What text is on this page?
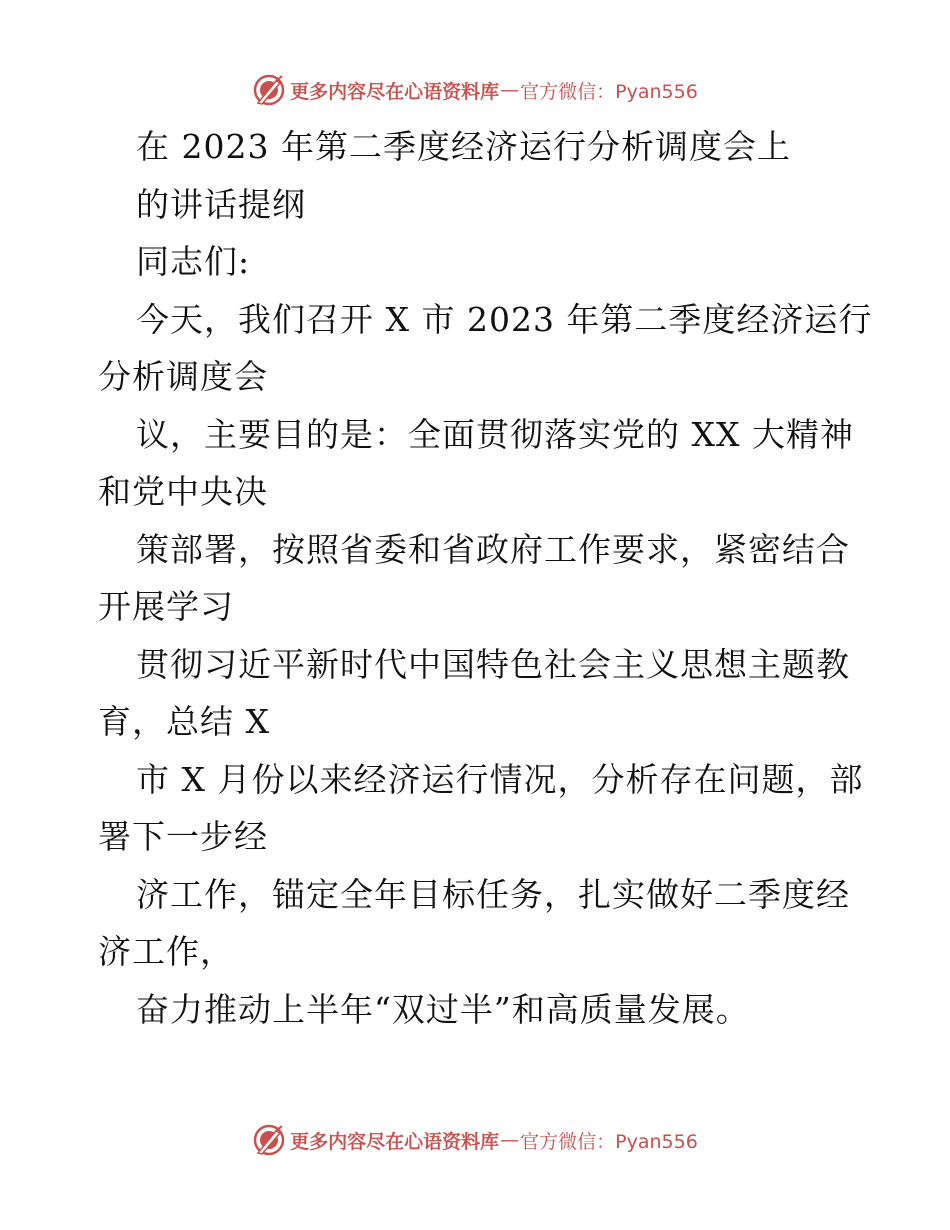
更多内容尽在心语资料库 — 官方微信：Pyan556
在 2023 年第二季度经济运行分析调度会上
的讲话提纲
同志们:
今天，我们召开 X 市 2023 年第二季度经济运行
分析调度会
议，主要目的是：全面贯彻落实党的 XX 大精神
和党中央决
策部署，按照省委和省政府工作要求，紧密结合
开展学习
贯彻习近平新时代中国特色社会主义思想主题教
育，总结 X
市 X 月份以来经济运行情况，分析存在问题，部
署下一步经
济工作，锚定全年目标任务，扎实做好二季度经
济工作，
奋力推动上半年“双过半”和高质量发展。
更多内容尽在心语资料库 — 官方微信：Pyan556
